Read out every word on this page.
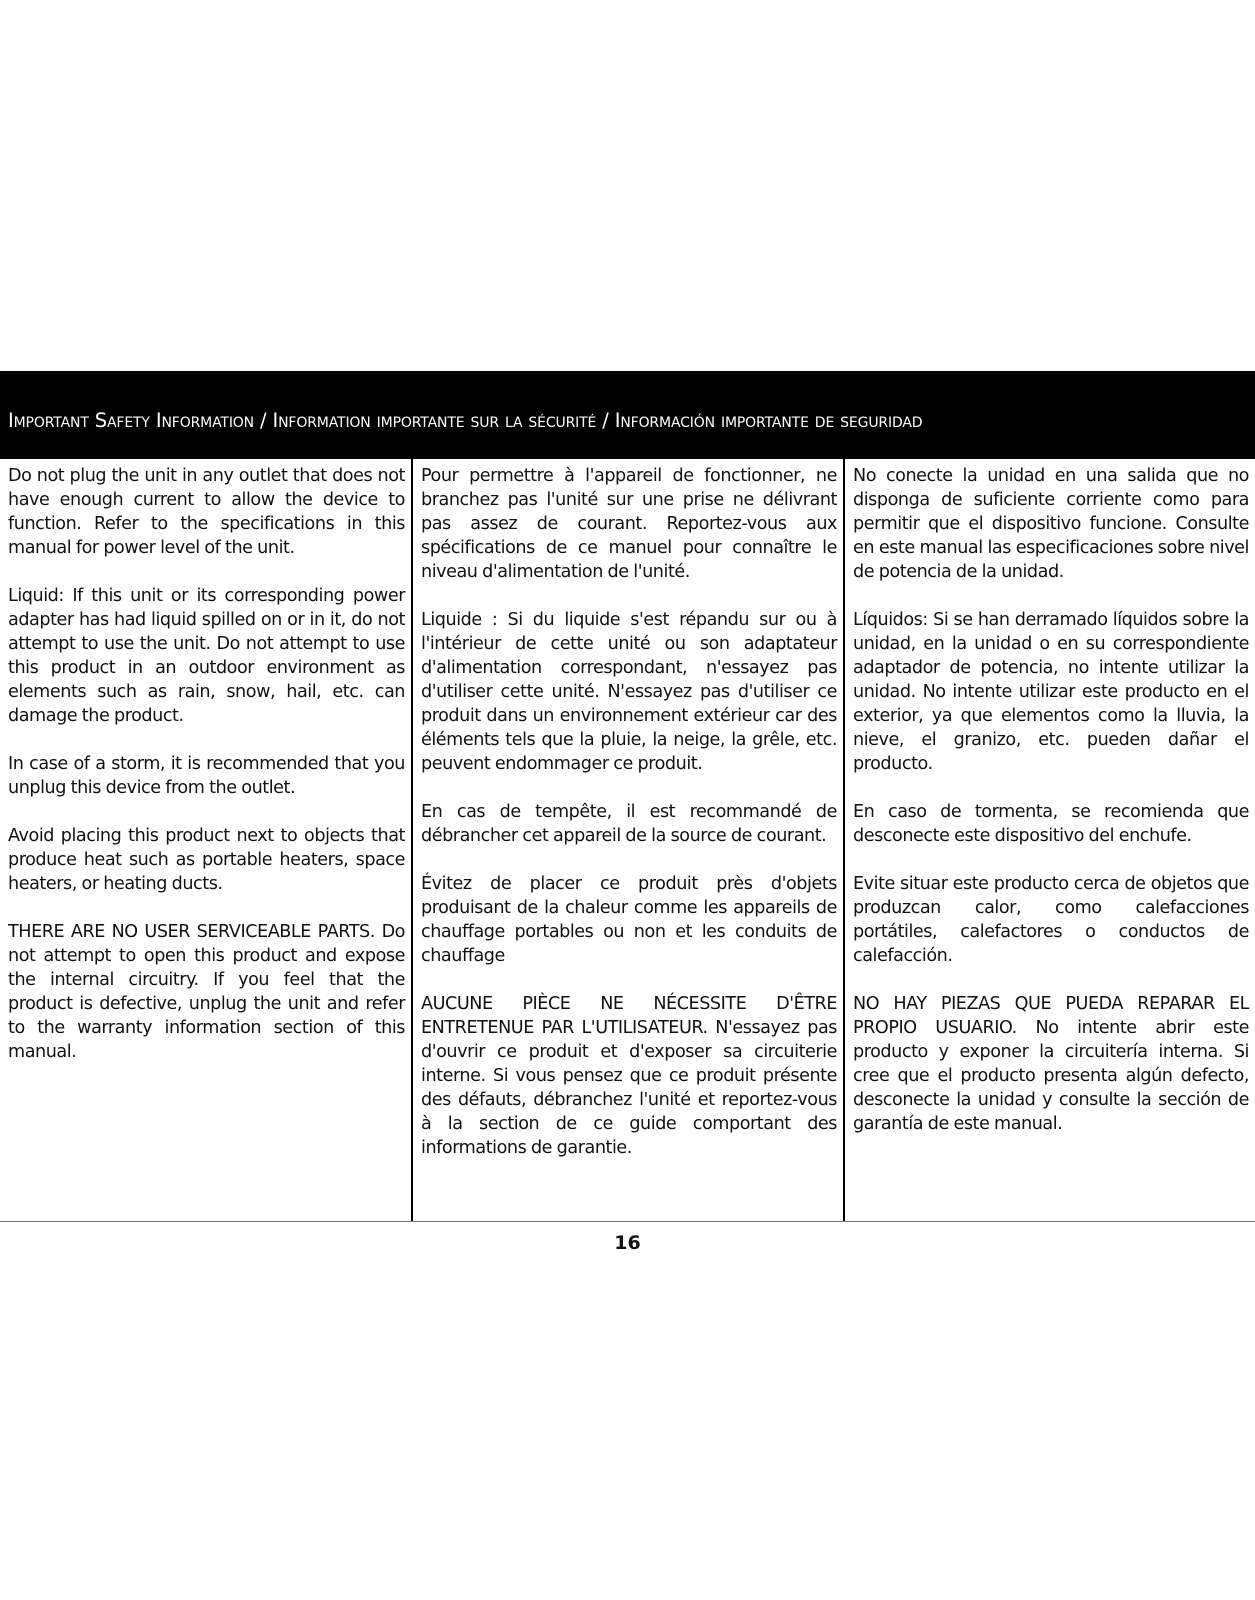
Important Safety Information / Information importante sur la sécurité / Información importante de seguridad

Do not plug the unit in any outlet that does not have enough current to allow the device to function. Refer to the specifications in this manual for power level of the unit.

Liquid: If this unit or its corresponding power adapter has had liquid spilled on or in it, do not attempt to use the unit. Do not attempt to use this product in an outdoor environment as elements such as rain, snow, hail, etc. can damage the product.

In case of a storm, it is recommended that you unplug this device from the outlet.

Avoid placing this product next to objects that produce heat such as portable heaters, space heaters, or heating ducts.

THERE ARE NO USER SERVICEABLE PARTS. Do not attempt to open this product and expose the internal circuitry. If you feel that the product is defective, unplug the unit and refer to the warranty information section of this manual.

Pour permettre à l'appareil de fonctionner, ne branchez pas l'unité sur une prise ne délivrant pas assez de courant. Reportez-vous aux spécifications de ce manuel pour connaître le niveau d'alimentation de l'unité.

Liquide : Si du liquide s'est répandu sur ou à l'intérieur de cette unité ou son adaptateur d'alimentation correspondant, n'essayez pas d'utiliser cette unité. N'essayez pas d'utiliser ce produit dans un environnement extérieur car des éléments tels que la pluie, la neige, la grêle, etc. peuvent endommager ce produit.

En cas de tempête, il est recommandé de débrancher cet appareil de la source de courant.

Évitez de placer ce produit près d'objets produisant de la chaleur comme les appareils de chauffage portables ou non et les conduits de chauffage

AUCUNE PIÈCE NE NÉCESSITE D'ÊTRE ENTRETENUE PAR L'UTILISATEUR. N'essayez pas d'ouvrir ce produit et d'exposer sa circuiterie interne. Si vous pensez que ce produit présente des défauts, débranchez l'unité et reportez-vous à la section de ce guide comportant des informations de garantie.

No conecte la unidad en una salida que no disponga de suficiente corriente como para permitir que el dispositivo funcione. Consulte en este manual las especificaciones sobre nivel de potencia de la unidad.

Líquidos: Si se han derramado líquidos sobre la unidad, en la unidad o en su correspondiente adaptador de potencia, no intente utilizar la unidad. No intente utilizar este producto en el exterior, ya que elementos como la lluvia, la nieve, el granizo, etc. pueden dañar el producto.

En caso de tormenta, se recomienda que desconecte este dispositivo del enchufe.

Evite situar este producto cerca de objetos que produzcan calor, como calefacciones portátiles, calefactores o conductos de calefacción.

NO HAY PIEZAS QUE PUEDA REPARAR EL PROPIO USUARIO. No intente abrir este producto y exponer la circuitería interna. Si cree que el producto presenta algún defecto, desconecte la unidad y consulte la sección de garantía de este manual.

16
